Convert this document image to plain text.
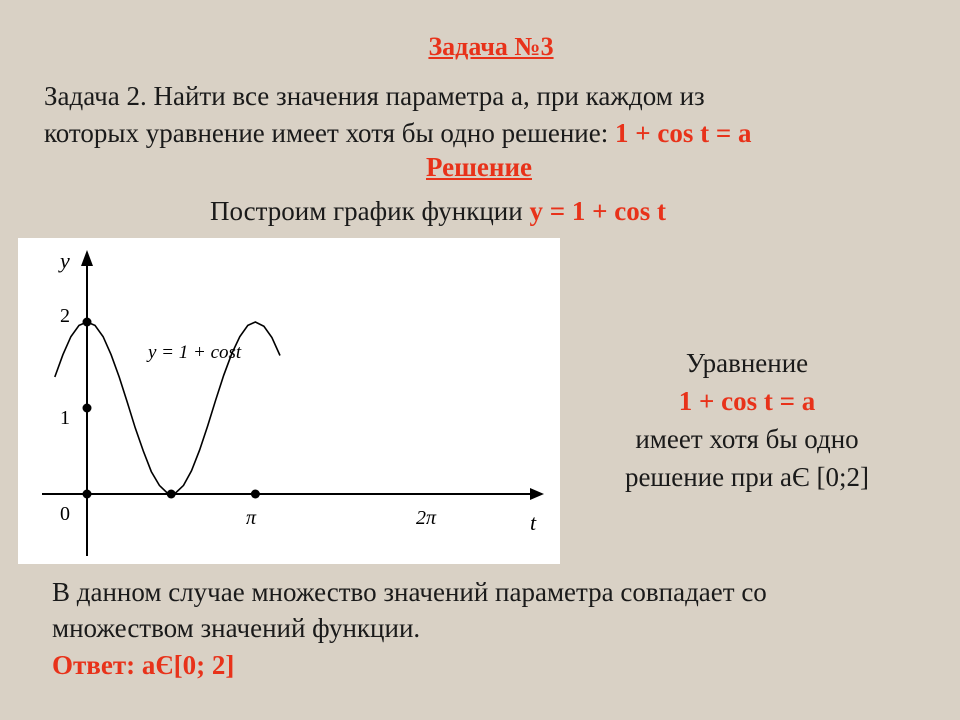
Задача №3
Задача 2. Найти все значения параметра а, при каждом из
которых уравнение имеет хотя бы одно решение: 1 + cos t = a
Решение
Построим график функции y = 1 + cos t
y
t
0
1
2
π	2π
y = 1 + cost	Уравнение
1 + cos t = a
имеет хотя бы одно
решение при аЄ [0;2]
В данном случае множество значений параметра совпадает со
множеством значений функции.
Ответ: аЄ[0; 2]
